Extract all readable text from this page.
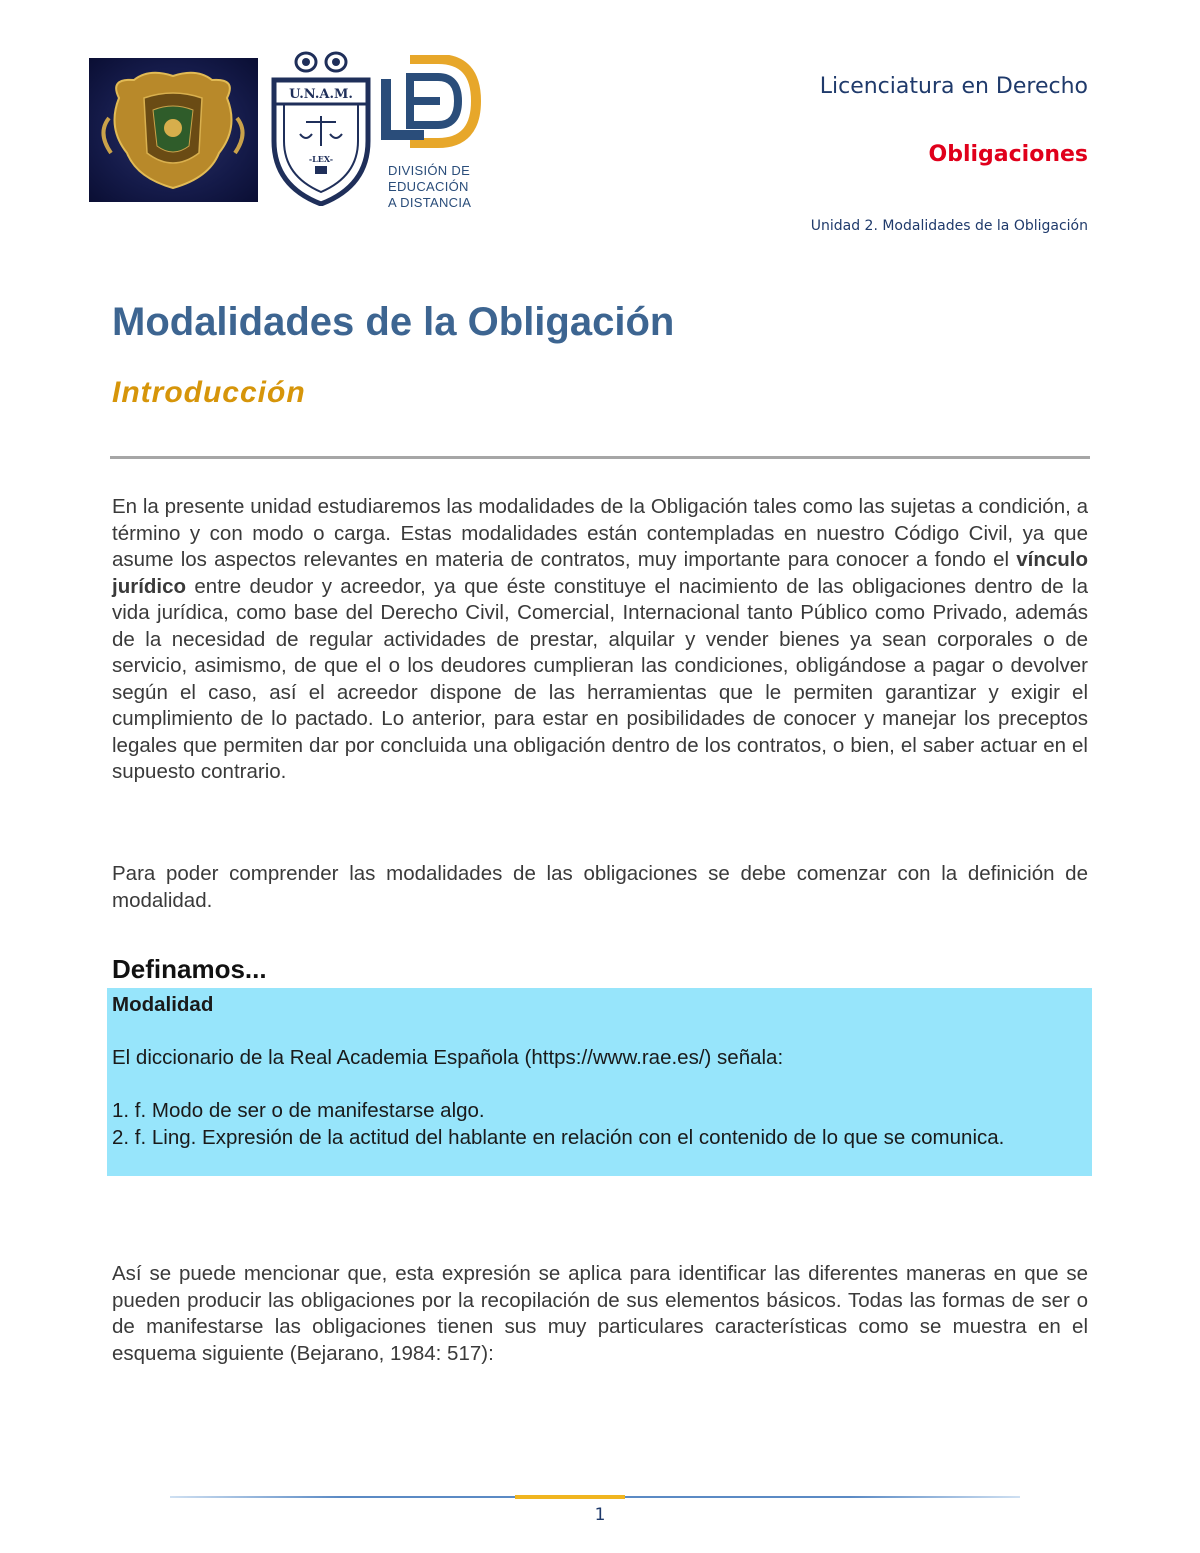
U.N.A.M.
-LEX-
DIVISIÓN DE
EDUCACIÓN
A DISTANCIA
Licenciatura en Derecho
Obligaciones
Unidad 2. Modalidades de la Obligación
Modalidades de la Obligación
Introducción

En la presente unidad estudiaremos las modalidades de la Obligación tales como las sujetas a condición, a término y con modo o carga. Estas modalidades están contempladas en nuestro Código Civil, ya que asume los aspectos relevantes en materia de contratos, muy importante para conocer a fondo el vínculo jurídico entre deudor y acreedor, ya que éste constituye el nacimiento de las obligaciones dentro de la vida jurídica, como base del Derecho Civil, Comercial, Internacional tanto Público como Privado, además de la necesidad de regular actividades de prestar, alquilar y vender bienes ya sean corporales o de servicio, asimismo, de que el o los deudores cumplieran las condiciones, obligándose a pagar o devolver según el caso, así el acreedor dispone de las herramientas que le permiten garantizar y exigir el cumplimiento de lo pactado. Lo anterior, para estar en posibilidades de conocer y manejar los preceptos legales que permiten dar por concluida una obligación dentro de los contratos, o bien, el saber actuar en el supuesto contrario.

Para poder comprender las modalidades de las obligaciones se debe comenzar con la definición de modalidad.

Definamos...

Modalidad

El diccionario de la Real Academia Española (https://www.rae.es/) señala:

1. f. Modo de ser o de manifestarse algo.

2. f. Ling. Expresión de la actitud del hablante en relación con el contenido de lo que se comunica.

Así se puede mencionar que, esta expresión se aplica para identificar las diferentes maneras en que se pueden producir las obligaciones por la recopilación de sus elementos básicos. Todas las formas de ser o de manifestarse las obligaciones tienen sus muy particulares características como se muestra en el esquema siguiente (Bejarano, 1984: 517):

1
